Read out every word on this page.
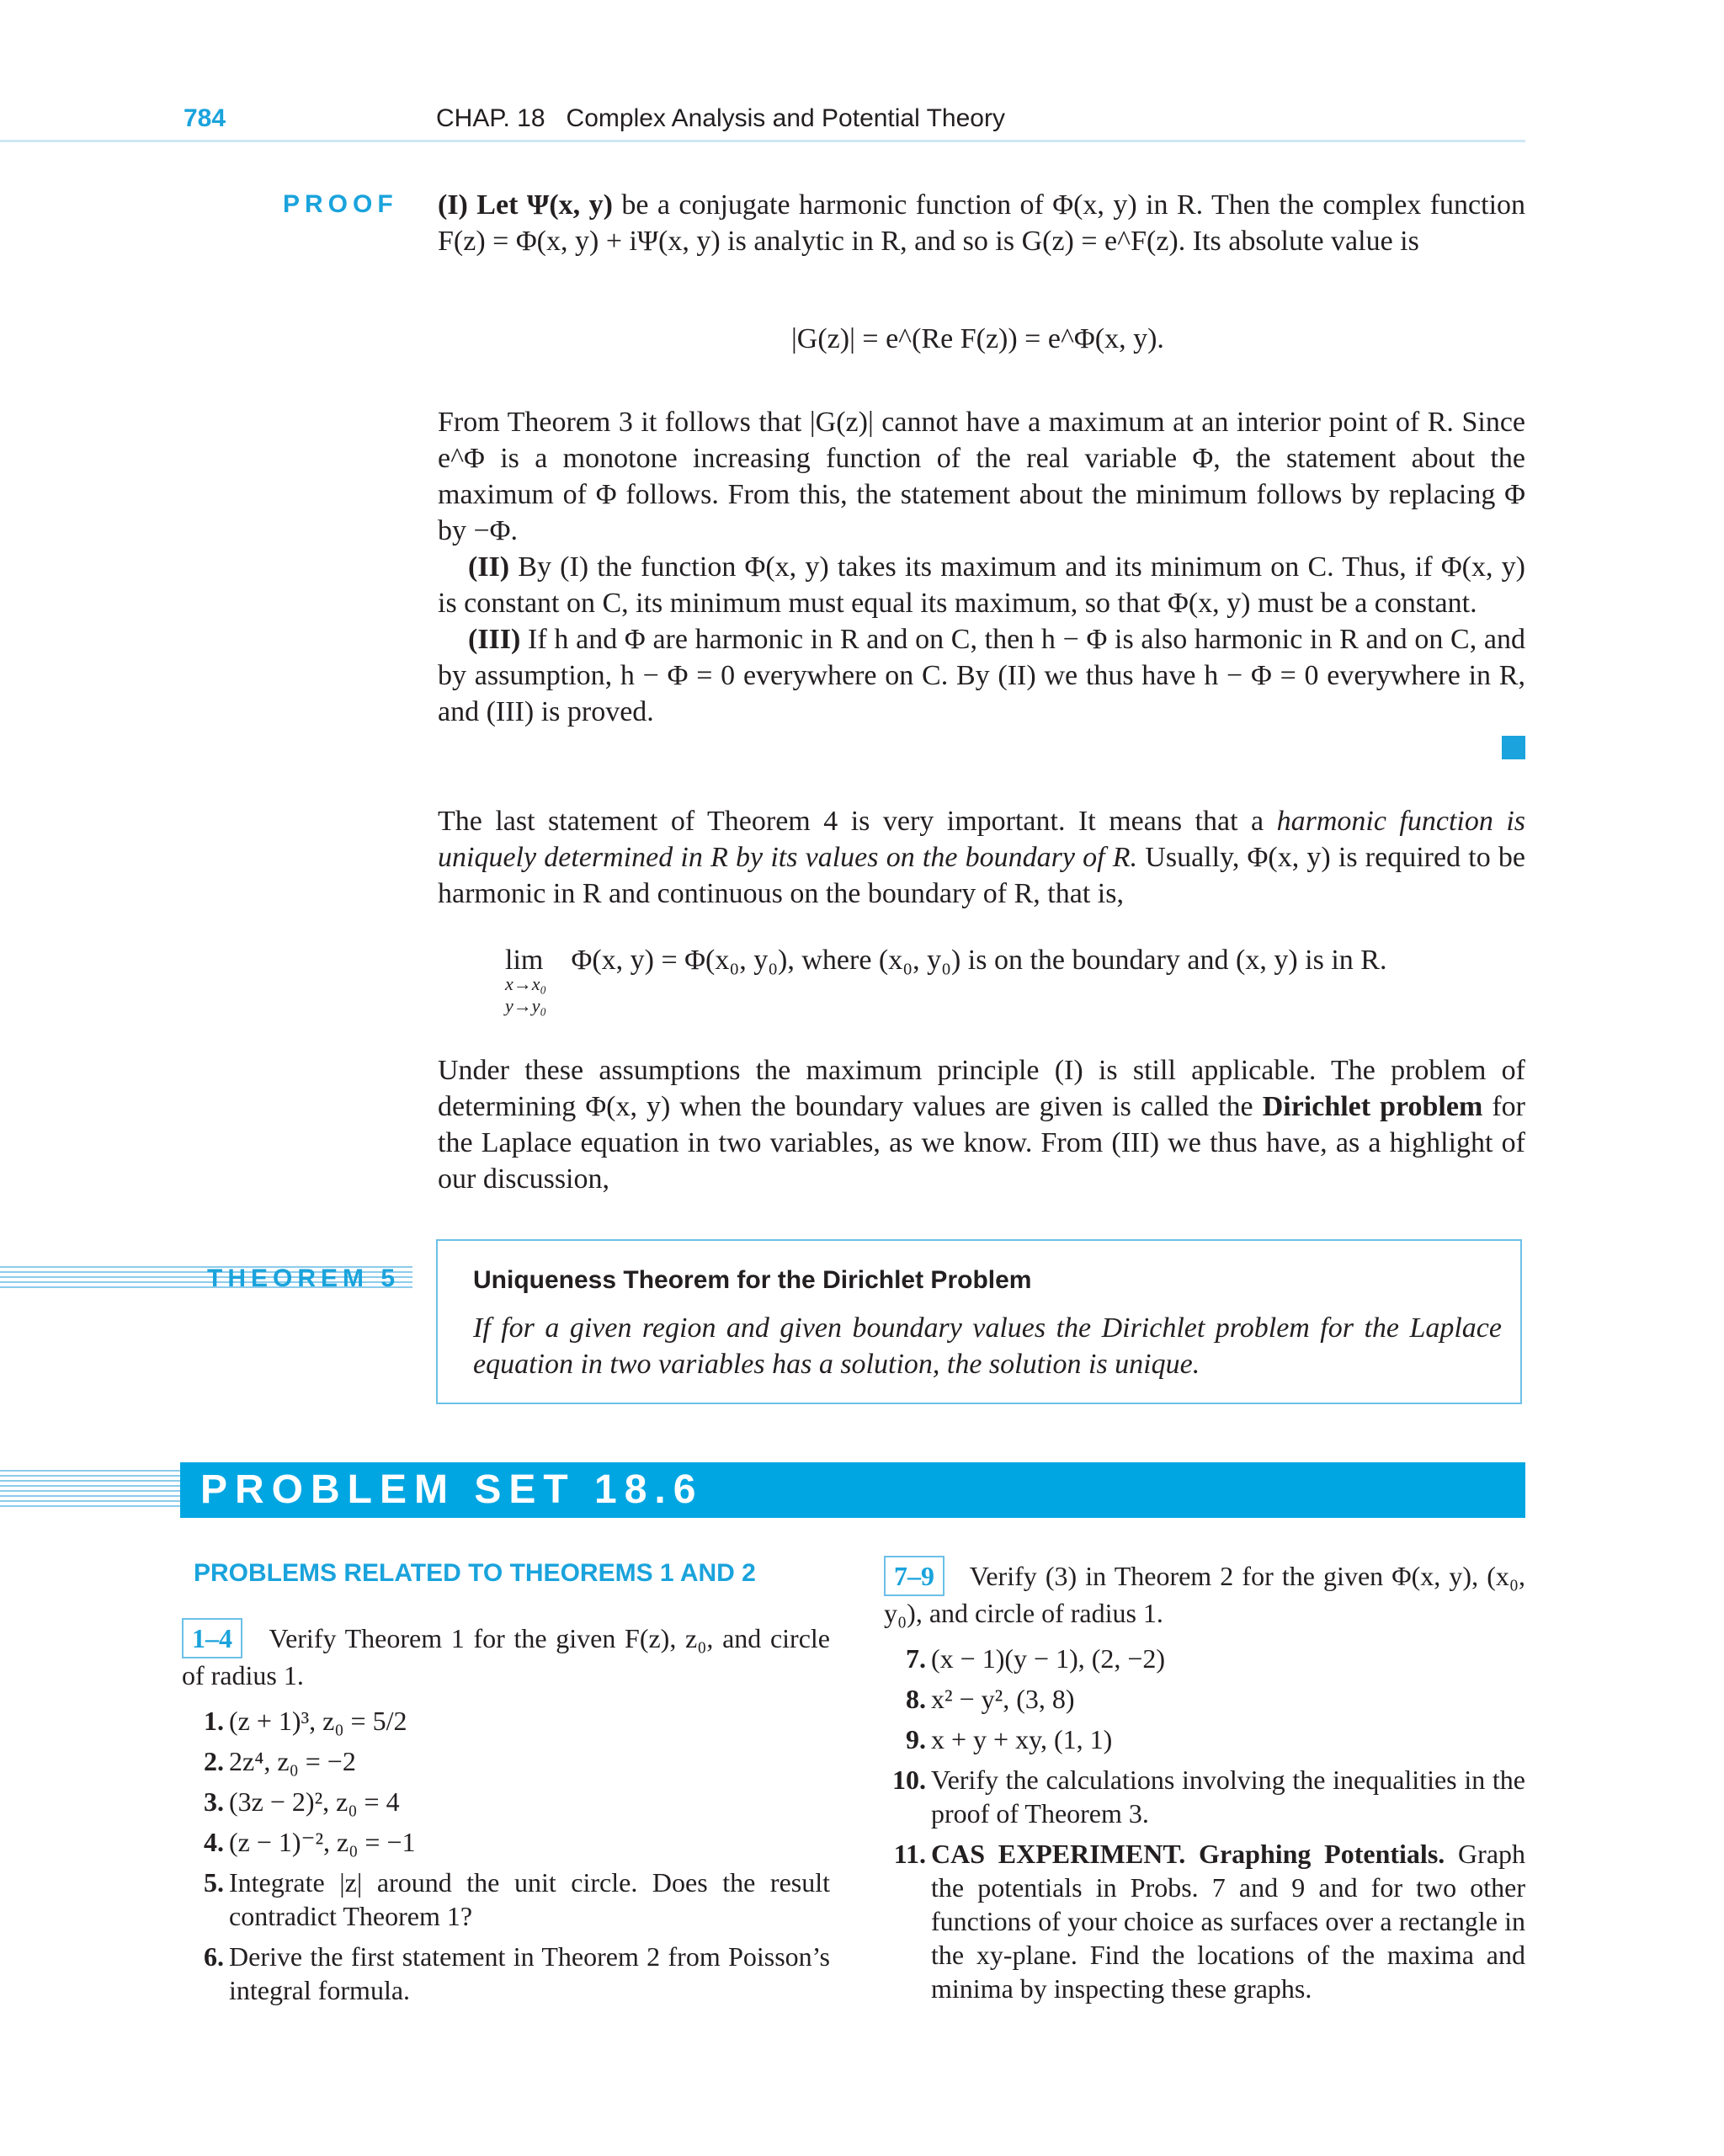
784	CHAP. 18 Complex Analysis and Potential Theory
PROOF (I) Let Ψ(x, y) be a conjugate harmonic function of Φ(x, y) in R. Then the complex function F(z) = Φ(x, y) + iΨ(x, y) is analytic in R, and so is G(z) = e^F(z). Its absolute value is

|G(z)| = e^(Re F(z)) = e^Φ(x, y).

From Theorem 3 it follows that |G(z)| cannot have a maximum at an interior point of R. Since e^Φ is a monotone increasing function of the real variable Φ, the statement about the maximum of Φ follows. From this, the statement about the minimum follows by replacing Φ by −Φ.

(II) By (I) the function Φ(x, y) takes its maximum and its minimum on C. Thus, if Φ(x, y) is constant on C, its minimum must equal its maximum, so that Φ(x, y) must be a constant.

(III) If h and Φ are harmonic in R and on C, then h − Φ is also harmonic in R and on C, and by assumption, h − Φ = 0 everywhere on C. By (II) we thus have h − Φ = 0 everywhere in R, and (III) is proved.

The last statement of Theorem 4 is very important. It means that a harmonic function is uniquely determined in R by its values on the boundary of R. Usually, Φ(x, y) is required to be harmonic in R and continuous on the boundary of R, that is,

lim
x→x₀
y→y₀
Φ(x, y) = Φ(x₀, y₀), where (x₀, y₀) is on the boundary and (x, y) is in R.

Under these assumptions the maximum principle (I) is still applicable. The problem of determining Φ(x, y) when the boundary values are given is called the Dirichlet problem for the Laplace equation in two variables, as we know. From (III) we thus have, as a highlight of our discussion,

THEOREM 5	Uniqueness Theorem for the Dirichlet Problem
If for a given region and given boundary values the Dirichlet problem for the Laplace equation in two variables has a solution, the solution is unique.
PROBLEM SET 18.6
PROBLEMS RELATED TO THEOREMS 1 AND 2

1–4 Verify Theorem 1 for the given F(z), z₀, and circle of radius 1.

1. (z + 1)³, z₀ = 5/2
2. 2z⁴, z₀ = −2
3. (3z − 2)², z₀ = 4
4. (z − 1)⁻², z₀ = −1
5. Integrate |z| around the unit circle. Does the result contradict Theorem 1?
6. Derive the first statement in Theorem 2 from Poisson’s integral formula.

7–9 Verify (3) in Theorem 2 for the given Φ(x, y), (x₀, y₀), and circle of radius 1.

7. (x − 1)(y − 1), (2, −2)
8. x² − y², (3, 8)
9. x + y + xy, (1, 1)
10. Verify the calculations involving the inequalities in the proof of Theorem 3.
11. CAS EXPERIMENT. Graphing Potentials. Graph the potentials in Probs. 7 and 9 and for two other functions of your choice as surfaces over a rectangle in the xy-plane. Find the locations of the maxima and minima by inspecting these graphs.
